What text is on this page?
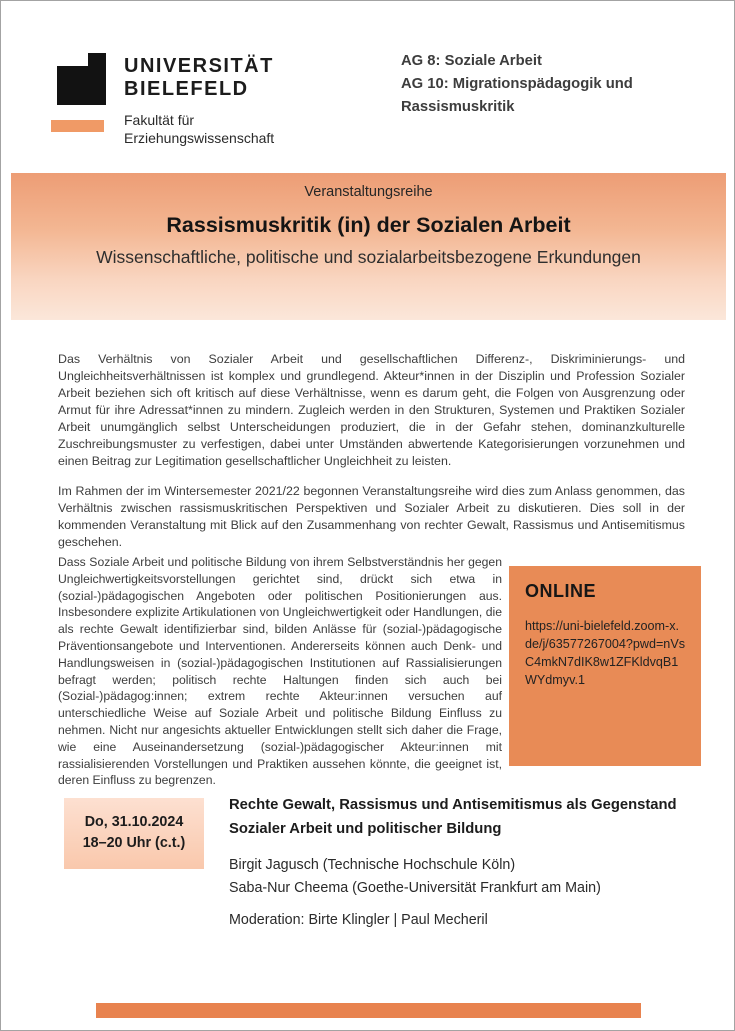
UNIVERSITÄT
BIELEFELD
Fakultät für
Erziehungswissenschaft
AG 8: Soziale Arbeit
AG 10: Migrationspädagogik und Rassismuskritik
Veranstaltungsreihe
Rassismuskritik (in) der Sozialen Arbeit
Wissenschaftliche, politische und sozialarbeitsbezogene Erkundungen
Das Verhältnis von Sozialer Arbeit und gesellschaftlichen Differenz-, Diskriminierungs- und Ungleichheitsverhältnissen ist komplex und grundlegend. Akteur*innen in der Disziplin und Profession Sozialer Arbeit beziehen sich oft kritisch auf diese Verhältnisse, wenn es darum geht, die Folgen von Ausgrenzung oder Armut für ihre Adressat*innen zu mindern. Zugleich werden in den Strukturen, Systemen und Praktiken Sozialer Arbeit unumgänglich selbst Unterscheidungen produziert, die in der Gefahr stehen, dominanzkulturelle Zuschreibungsmuster zu verfestigen, dabei unter Umständen abwertende Kategorisierungen vorzunehmen und einen Beitrag zur Legitimation gesellschaftlicher Ungleichheit zu leisten.
Im Rahmen der im Wintersemester 2021/22 begonnen Veranstaltungsreihe wird dies zum Anlass genommen, das Verhältnis zwischen rassismuskritischen Perspektiven und Sozialer Arbeit zu diskutieren. Dies soll in der kommenden Veranstaltung mit Blick auf den Zusammenhang von rechter Gewalt, Rassismus und Antisemitismus geschehen.
Dass Soziale Arbeit und politische Bildung von ihrem Selbstverständnis her gegen Ungleichwertigkeitsvorstellungen gerichtet sind, drückt sich etwa in (sozial-)pädagogischen Angeboten oder politischen Positionierungen aus. Insbesondere explizite Artikulationen von Ungleichwertigkeit oder Handlungen, die als rechte Gewalt identifizierbar sind, bilden Anlässe für (sozial-)pädagogische Präventionsangebote und Interventionen. Andererseits können auch Denk- und Handlungsweisen in (sozial-)pädagogischen Institutionen auf Rassialisierungen befragt werden; politisch rechte Haltungen finden sich auch bei (Sozial-)pädagog:innen; extrem rechte Akteur:innen versuchen auf unterschiedliche Weise auf Soziale Arbeit und politische Bildung Einfluss zu nehmen. Nicht nur angesichts aktueller Entwicklungen stellt sich daher die Frage, wie eine Auseinandersetzung (sozial-)pädagogischer Akteur:innen mit rassialisierenden Vorstellungen und Praktiken aussehen könnte, die geeignet ist, deren Einfluss zu begrenzen.
ONLINE
https://uni-bielefeld.zoom-x.de/j/63577267004?pwd=nVsC4mkN7dIK8w1ZFKldvqB1WYdmyv.1
Do, 31.10.2024
18–20 Uhr (c.t.)
Rechte Gewalt, Rassismus und Antisemitismus als Gegenstand Sozialer Arbeit und politischer Bildung
Birgit Jagusch (Technische Hochschule Köln)
Saba-Nur Cheema (Goethe-Universität Frankfurt am Main)
Moderation: Birte Klingler | Paul Mecheril
